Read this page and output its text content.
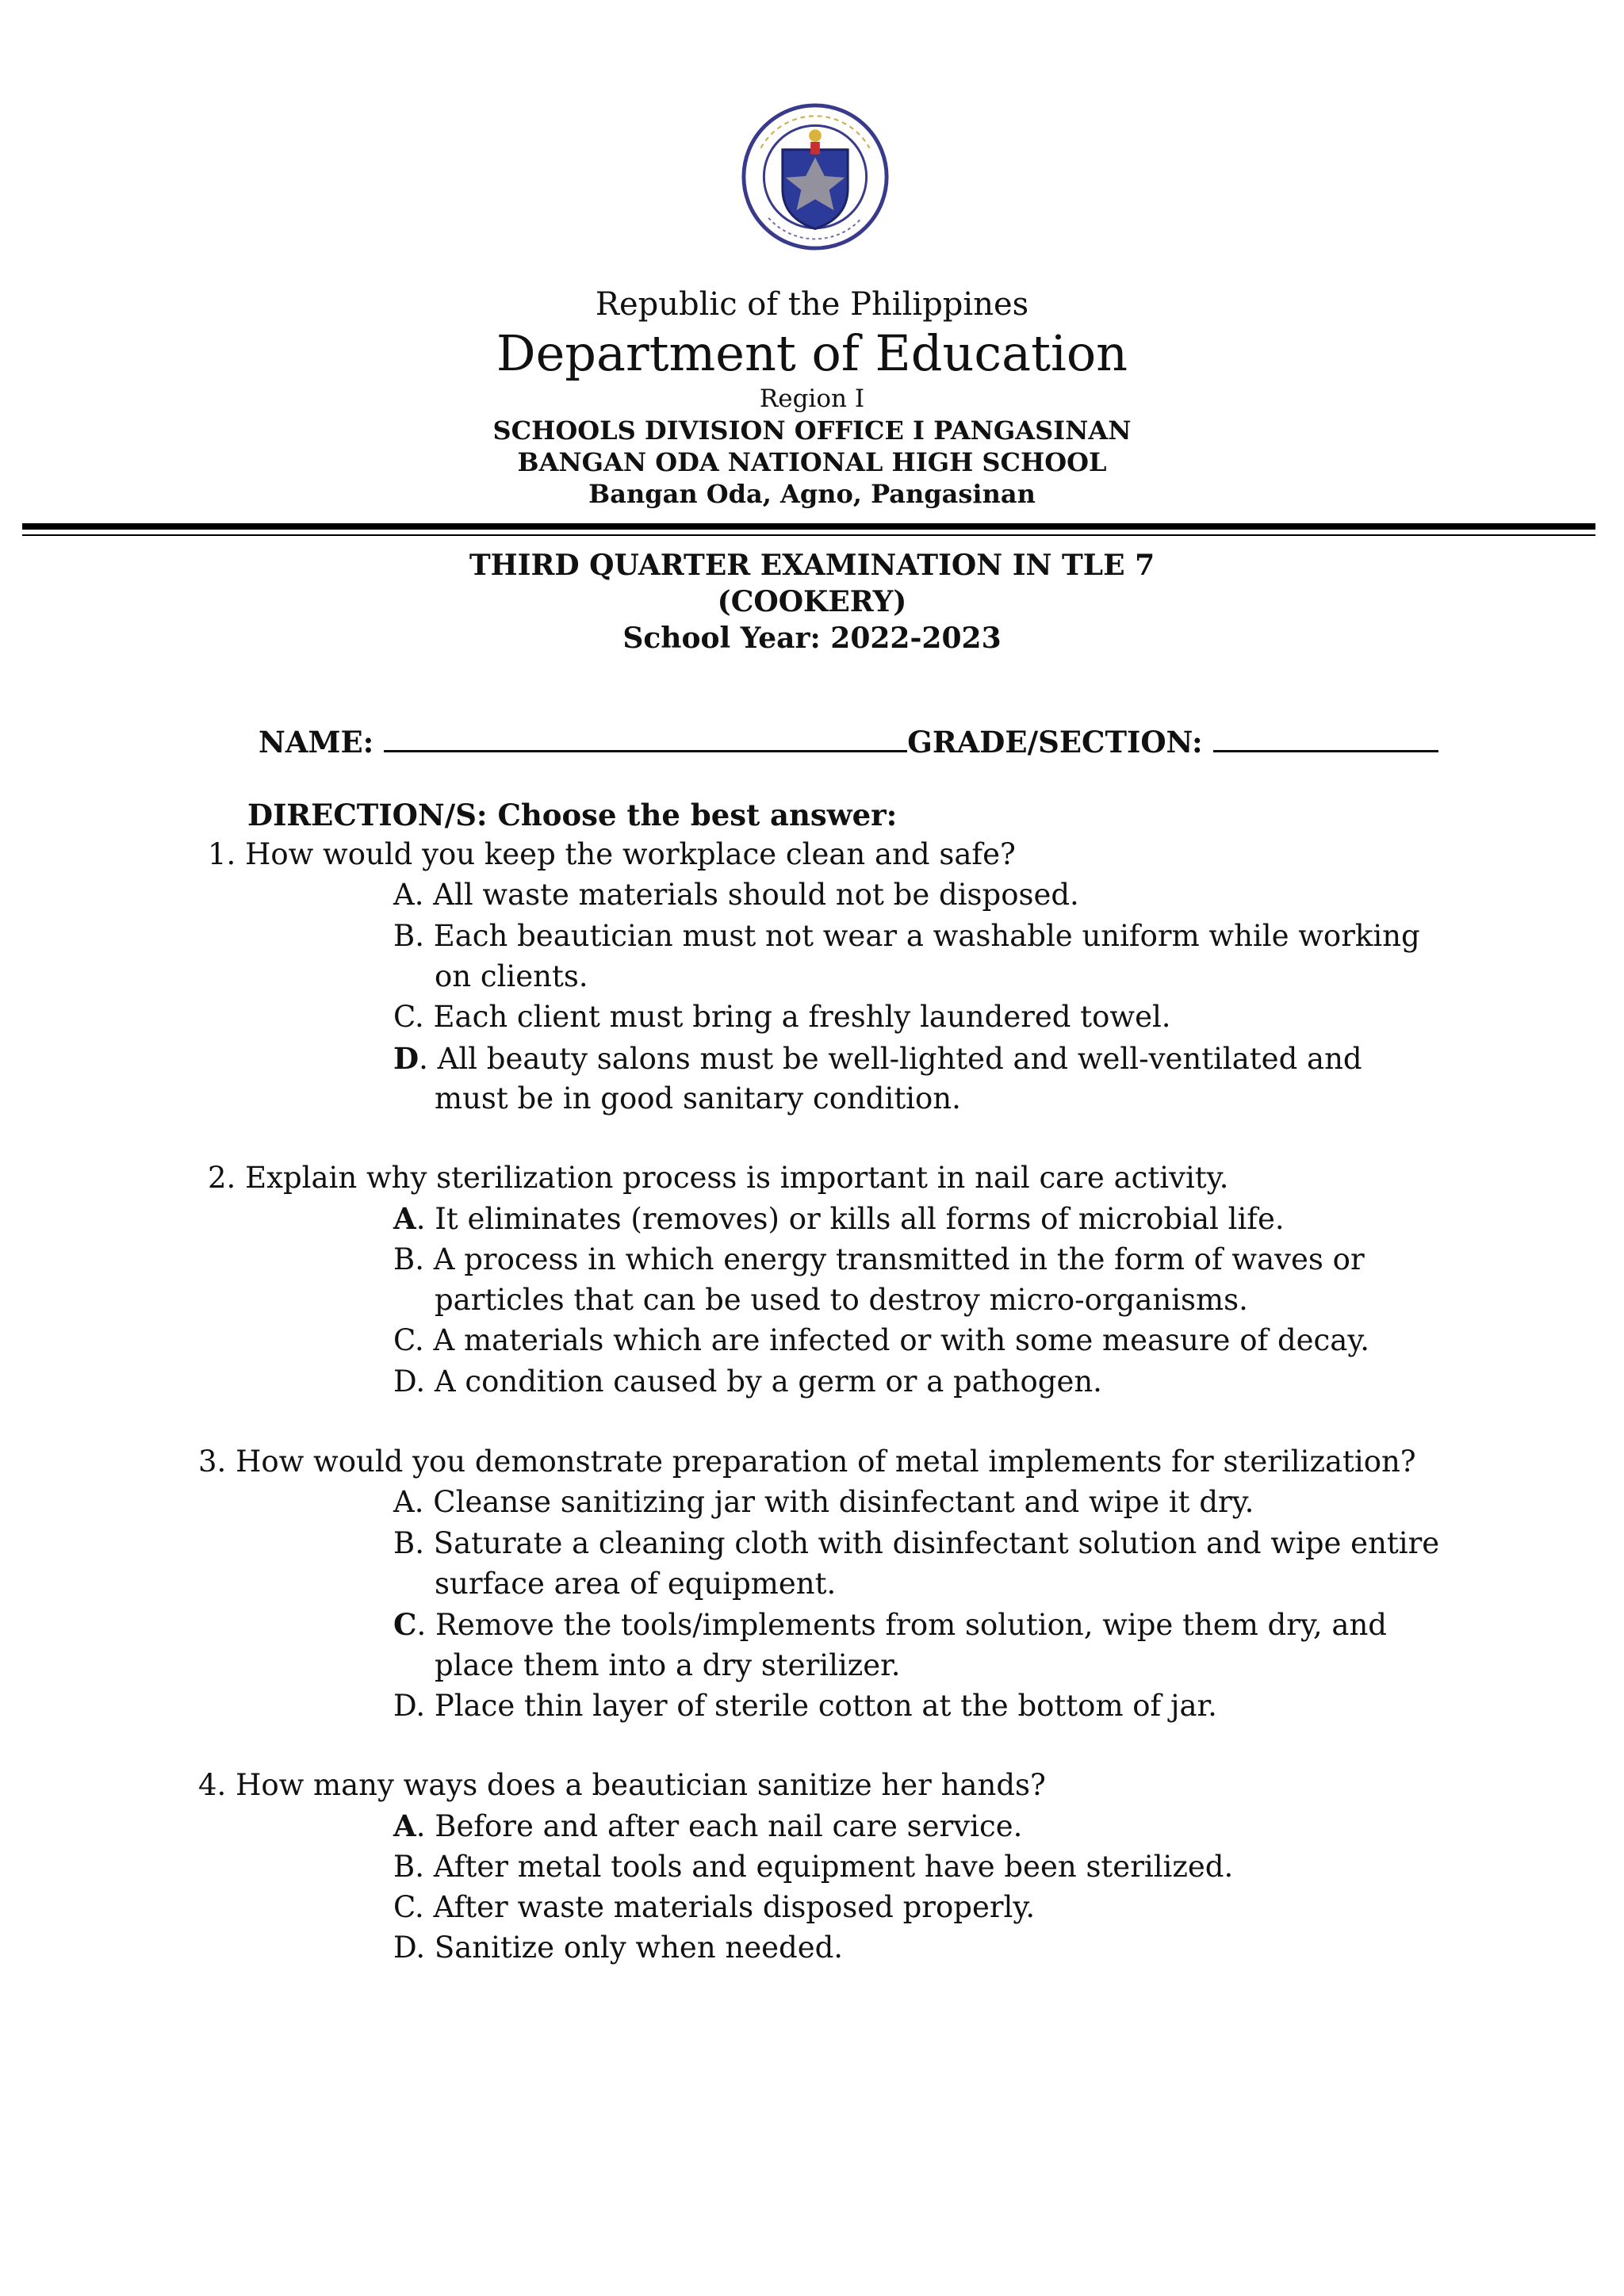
Republic of the Philippines
Department of Education
Region I
SCHOOLS DIVISION OFFICE I PANGASINAN
BANGAN ODA NATIONAL HIGH SCHOOL
Bangan Oda, Agno, Pangasinan
THIRD QUARTER EXAMINATION IN TLE 7
(COOKERY)
School Year: 2022-2023
NAME:	GRADE/SECTION:
DIRECTION/S: Choose the best answer:
1. How would you keep the workplace clean and safe?
A. All waste materials should not be disposed.
B. Each beautician must not wear a washable uniform while working
on clients.
C. Each client must bring a freshly laundered towel.
D. All beauty salons must be well-lighted and well-ventilated and
must be in good sanitary condition.
2. Explain why sterilization process is important in nail care activity.
A. It eliminates (removes) or kills all forms of microbial life.
B. A process in which energy transmitted in the form of waves or
particles that can be used to destroy micro-organisms.
C. A materials which are infected or with some measure of decay.
D. A condition caused by a germ or a pathogen.
3. How would you demonstrate preparation of metal implements for sterilization?
A. Cleanse sanitizing jar with disinfectant and wipe it dry.
B. Saturate a cleaning cloth with disinfectant solution and wipe entire
surface area of equipment.
C. Remove the tools/implements from solution, wipe them dry, and
place them into a dry sterilizer.
D. Place thin layer of sterile cotton at the bottom of jar.
4. How many ways does a beautician sanitize her hands?
A. Before and after each nail care service.
B. After metal tools and equipment have been sterilized.
C. After waste materials disposed properly.
D. Sanitize only when needed.
